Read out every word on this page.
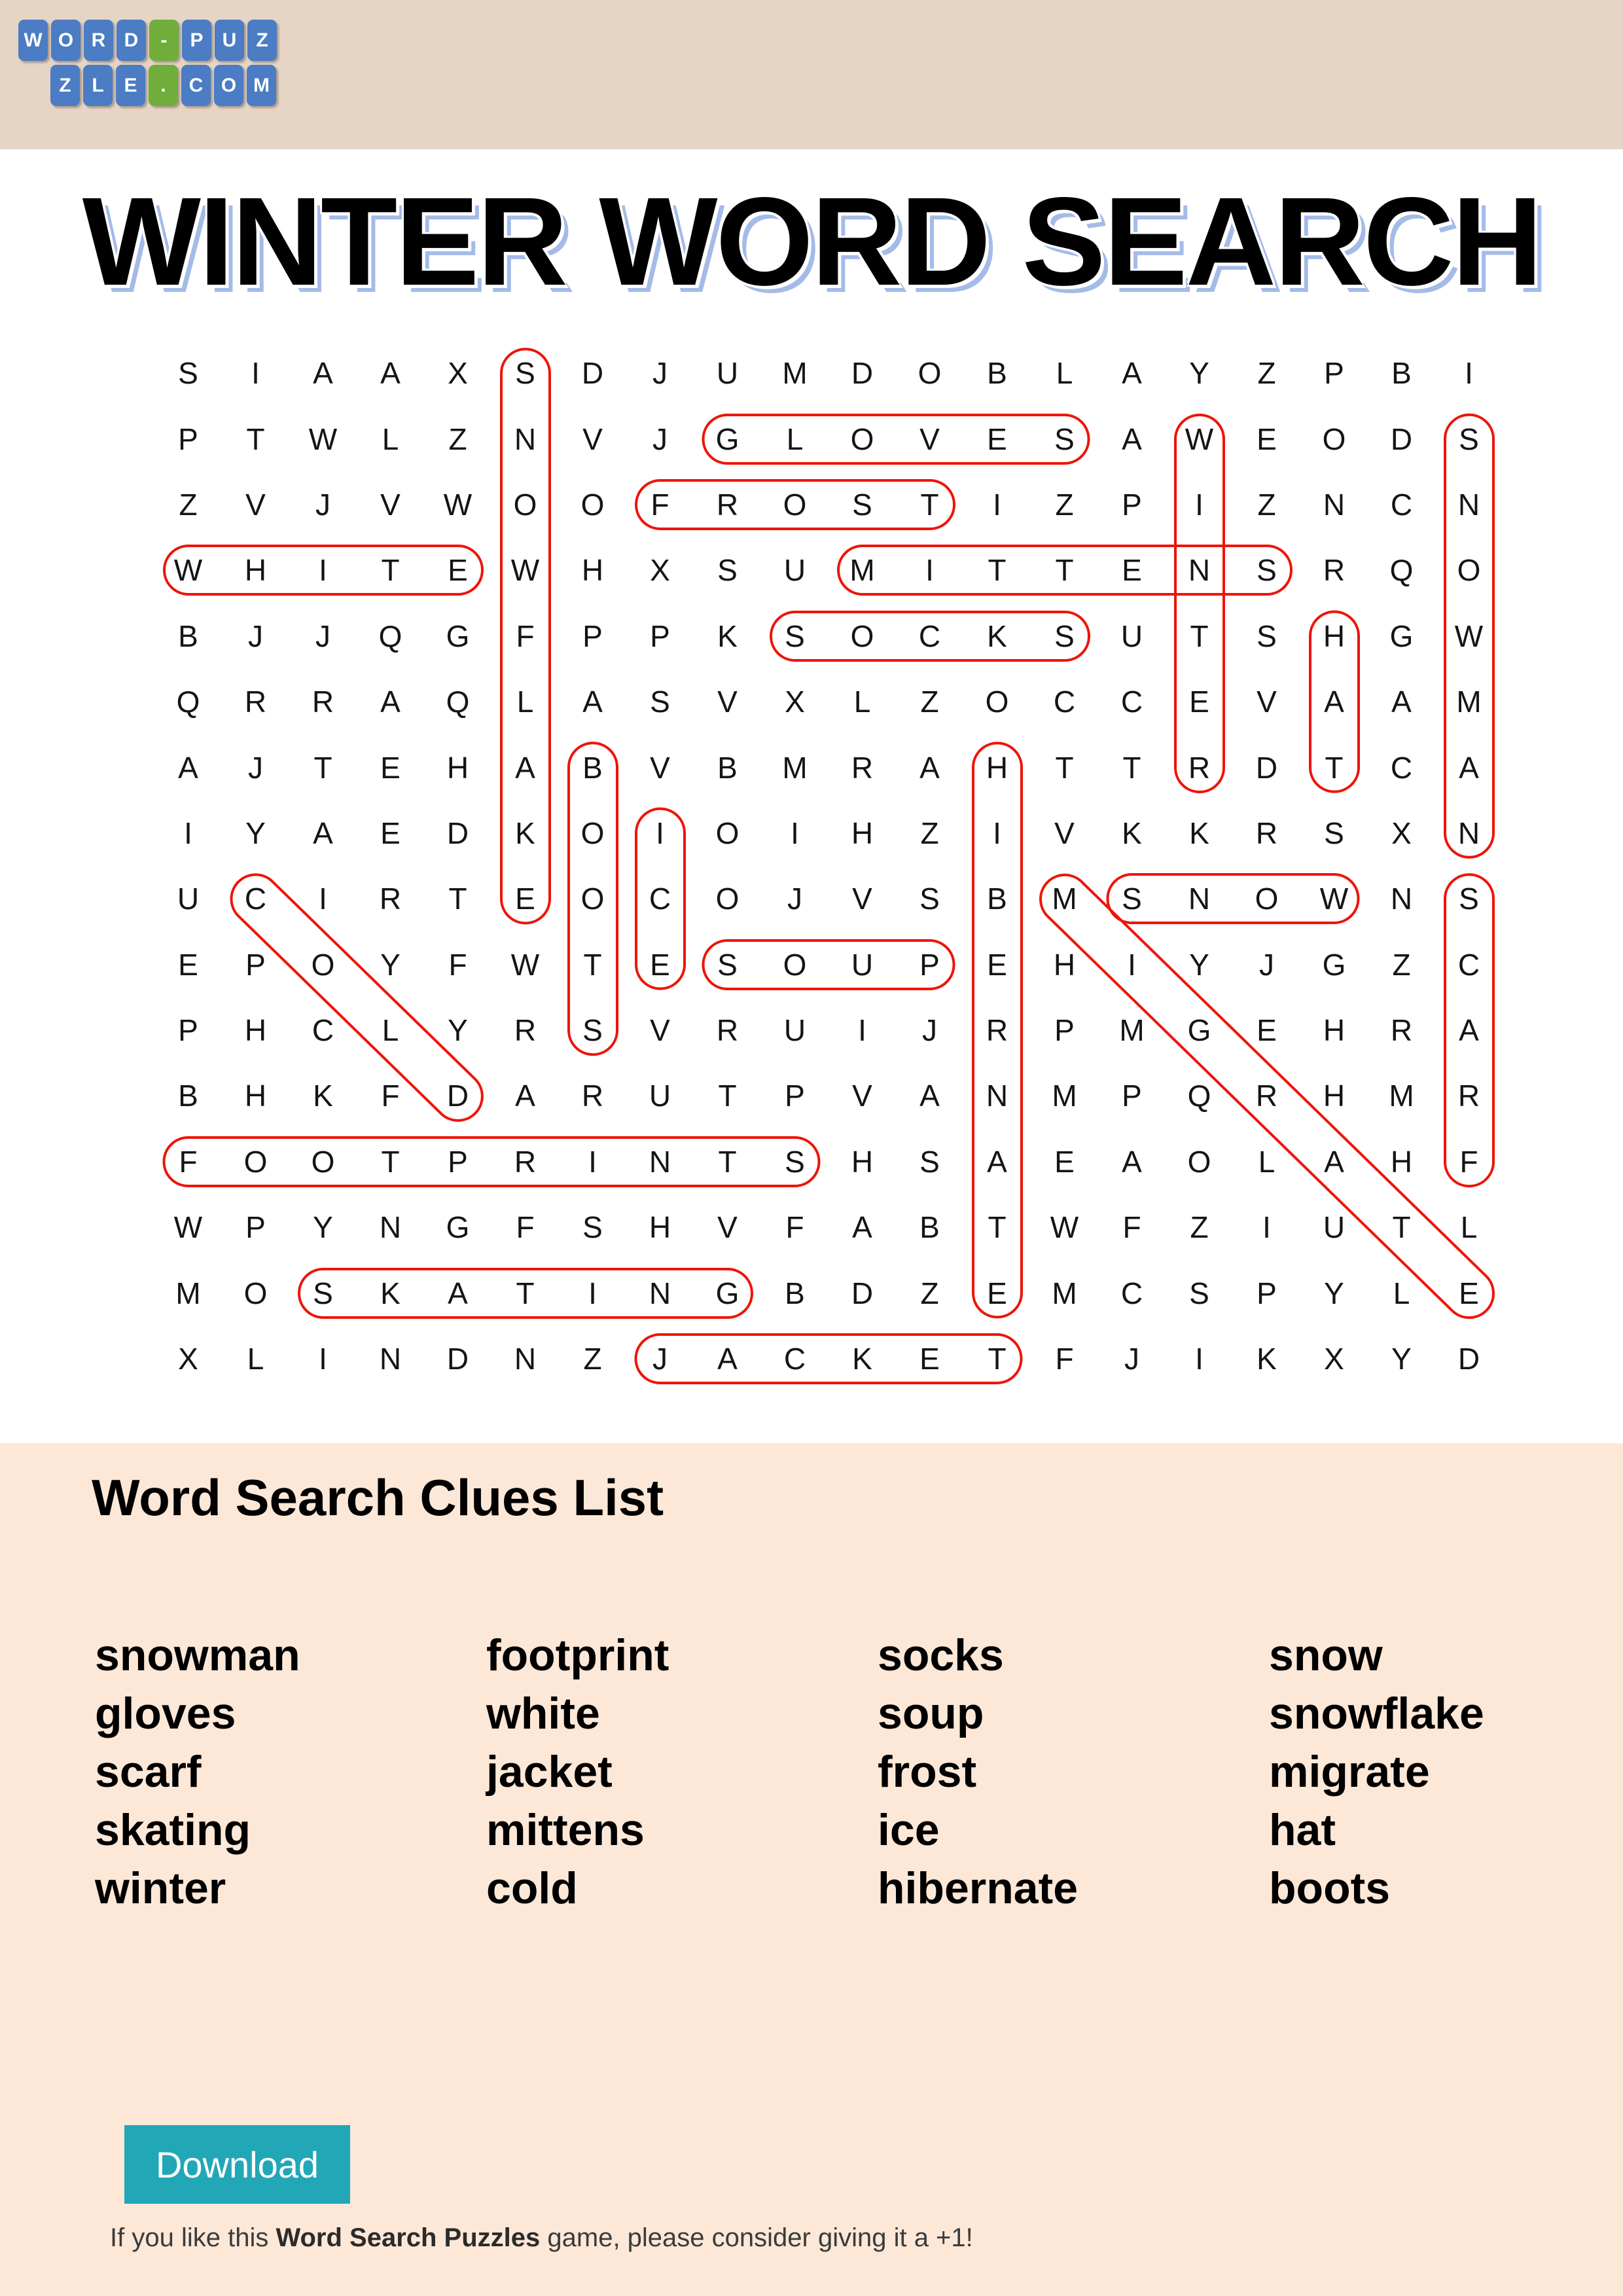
W O R D	-	P U	Z
Z	L	E	.	C O M
WINTER WORD SEARCH
S	I	A	A	X	S	D	J	U	M	D	O	B	L	A	Y	Z	P	B	I
P	T	W	L	Z	N	V	J	G	L	O	V	E	S	A	W	E	O	D	S
Z	V	J	V	W	O	O	F	R	O	S	T	I	Z	P	I	Z	N	C	N
W	H	I	T	E	W	H	X	S	U	M	I	T	T	E	N	S	R	Q	O
B	J	J	Q	G	F	P	P	K	S	O	C	K	S	U	T	S	H	G	W
Q	R	R	A	Q	L	A	S	V	X	L	Z	O	C	C	E	V	A	A	M
A	J	T	E	H	A	B	V	B	M	R	A	H	T	T	R	D	T	C	A
I	Y	A	E	D	K	O	I	O	I	H	Z	I	V	K	K	R	S	X	N
U	C	I	R	T	E	O	C	O	J	V	S	B	M	S	N	O	W	N	S
E	P	O	Y	F	W	T	E	S	O	U	P	E	H	I	Y	J	G	Z	C
P	H	C	L	Y	R	S	V	R	U	I	J	R	P	M	G	E	H	R	A
B	H	K	F	D	A	R	U	T	P	V	A	N	M	P	Q	R	H	M	R
F	O	O	T	P	R	I	N	T	S	H	S	A	E	A	O	L	A	H	F
W	P	Y	N	G	F	S	H	V	F	A	B	T	W	F	Z	I	U	T	L
M	O	S	K	A	T	I	N	G	B	D	Z	E	M	C	S	P	Y	L	E
X	L	I	N	D	N	Z	J	A	C	K	E	T	F	J	I	K	X	Y	D
Word Search Clues List
snowman
gloves
scarf
skating
winter
footprint
white
jacket
mittens
cold
socks
soup
frost
ice
hibernate
snow
snowflake
migrate
hat
boots
Download
If you like this Word Search Puzzles game, please consider giving it a +1!
